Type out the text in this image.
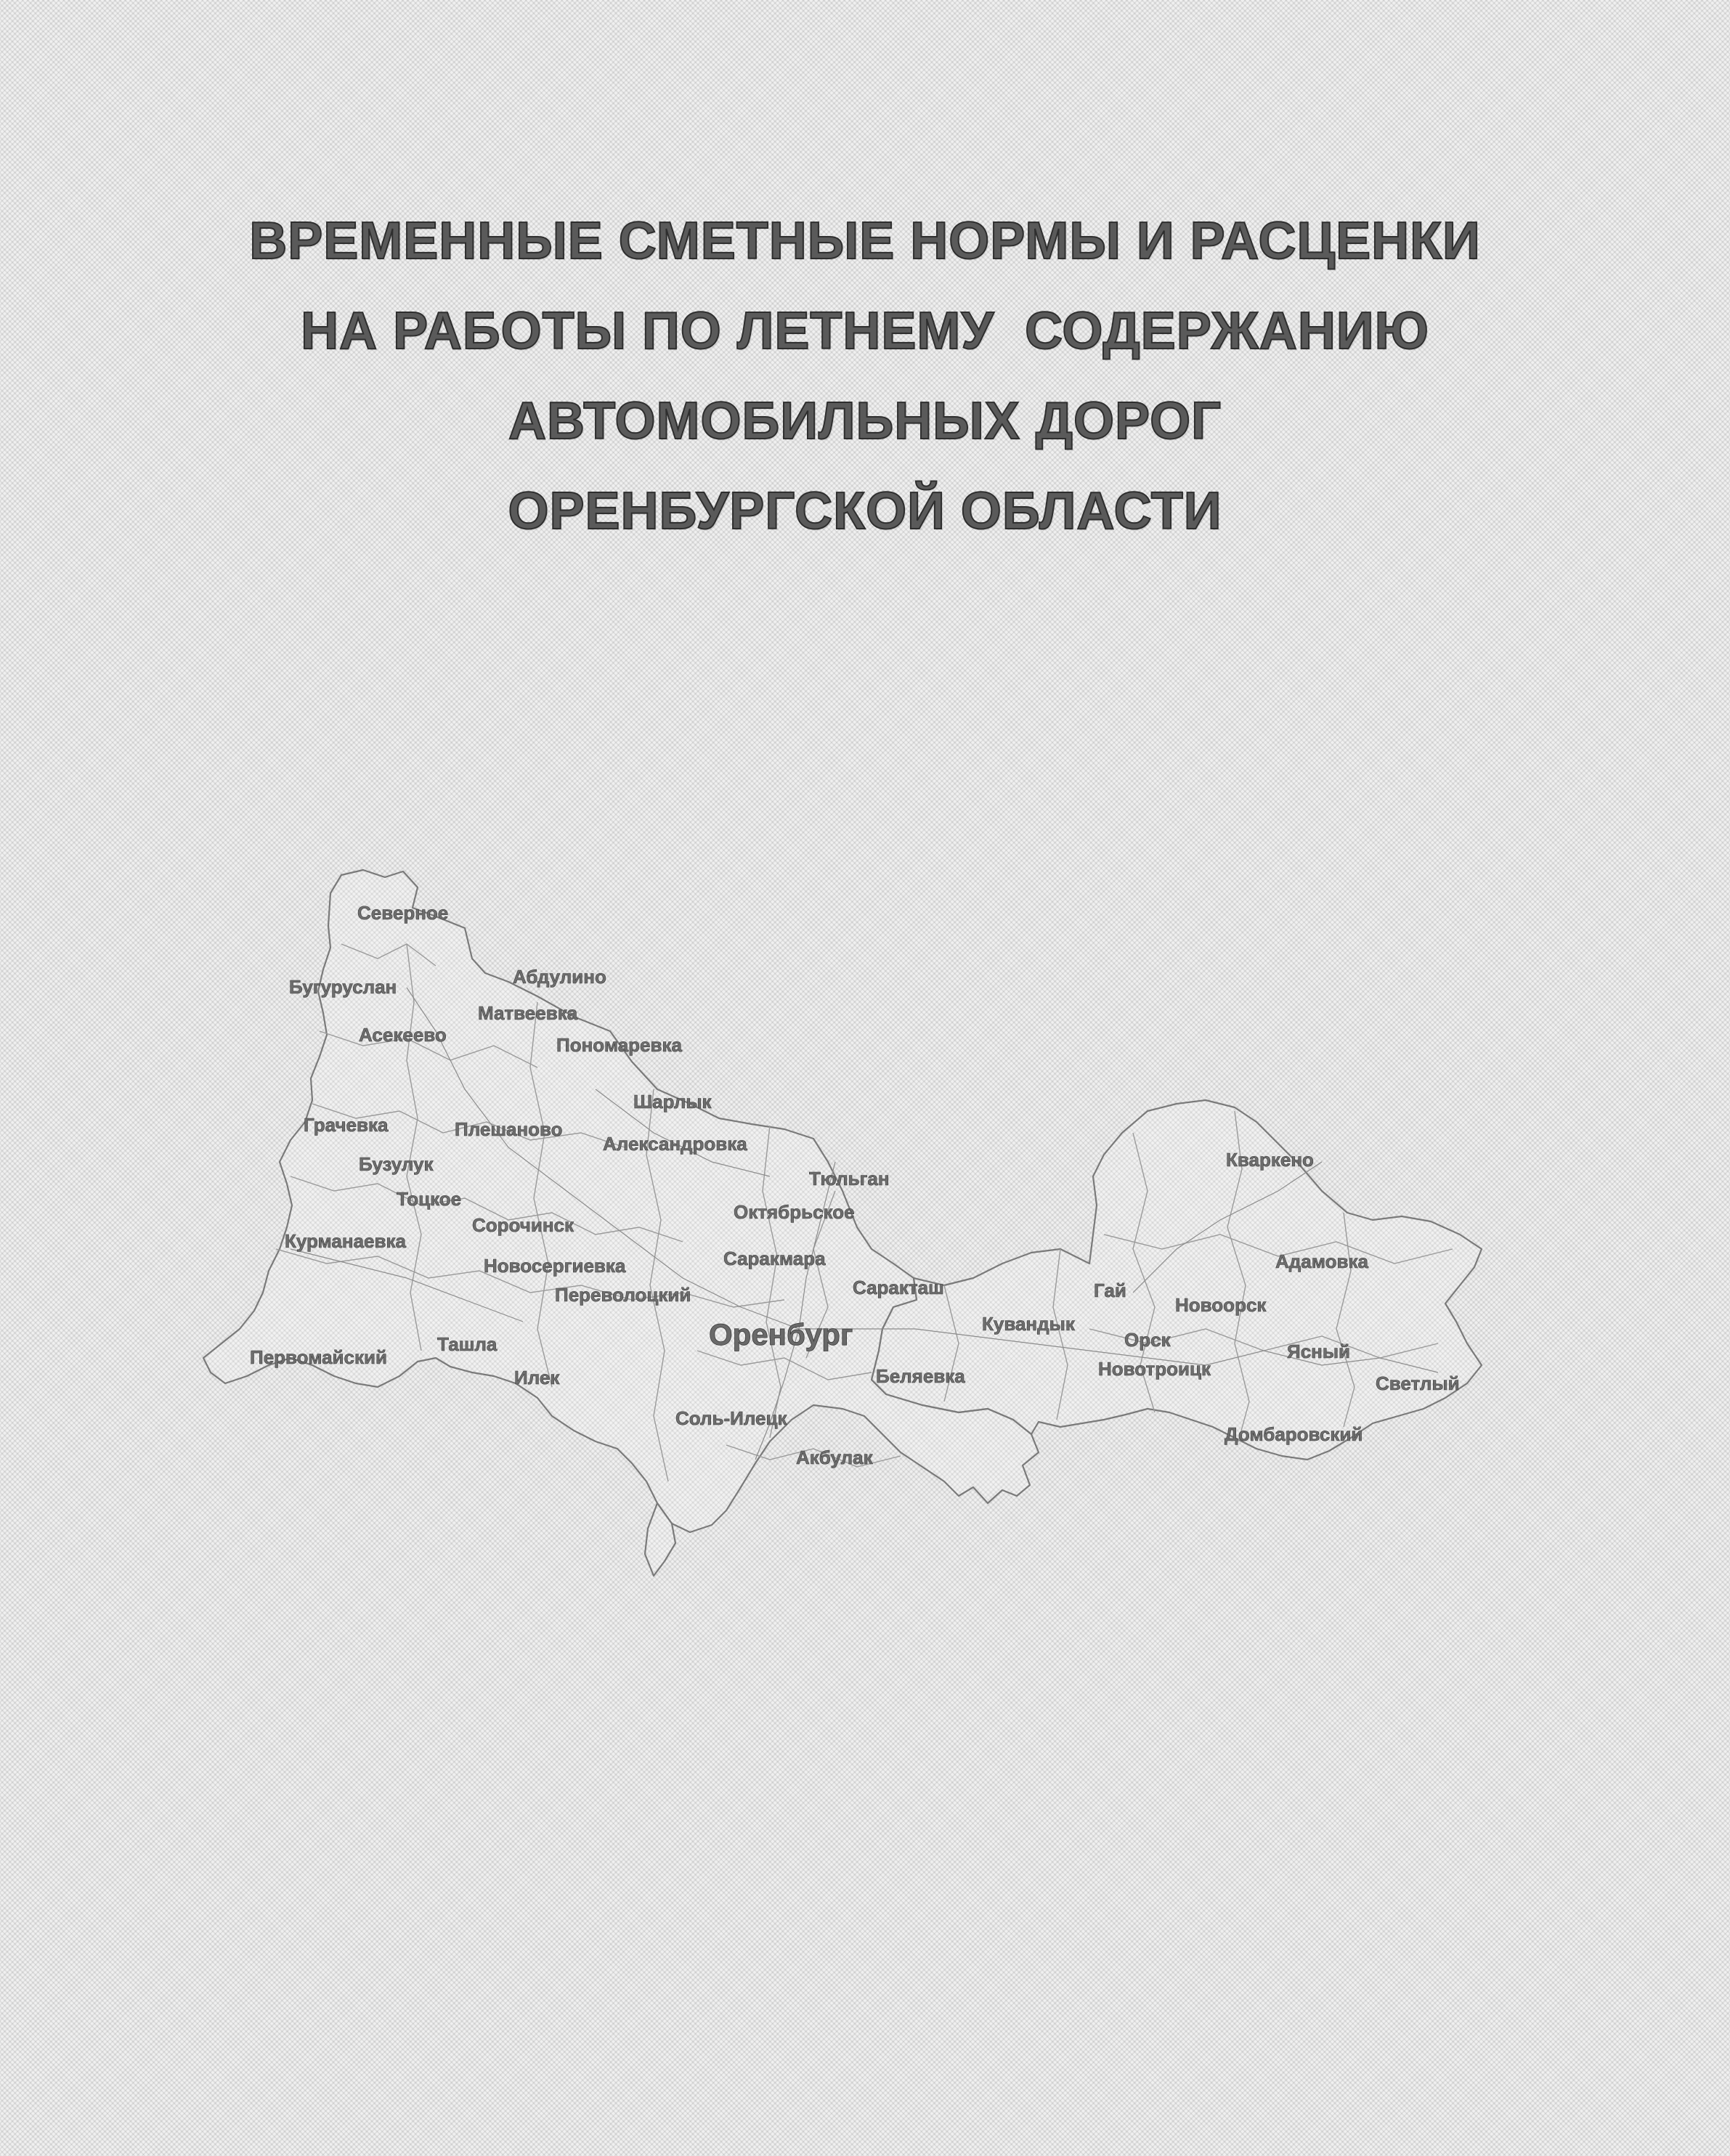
ВРЕМЕННЫЕ СМЕТНЫЕ НОРМЫ И РАСЦЕНКИ
НА РАБОТЫ ПО ЛЕТНЕМУ  СОДЕРЖАНИЮ
АВТОМОБИЛЬНЫХ ДОРОГ
ОРЕНБУРГСКОЙ ОБЛАСТИ
Северное
Бугуруслан	Абдулино
Матвеевка
Асекеево	Пономаревка
Шарлык
Грачевка	Плешаново
Александровка
Бузулук
Тюльган
Тоцкое
Октябрьское
Сорочинск
Курманаевка
Новосергиевка	Саракмара
Саракташ
Переволоцкий
Оренбург
Ташла
Первомайский
Илек
Кувандык
Беляевка
Соль-Илецк
Акбулак
Кваркено
Адамовка
Гай
Новоорск
Орск
Ясный
Новотроицк
Светлый
Домбаровский
